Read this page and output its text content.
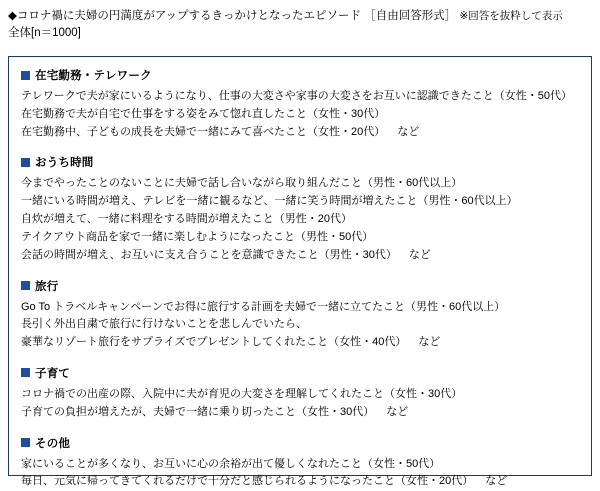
◆コロナ禍に夫婦の円満度がアップするきっかけとなったエピソード ［自由回答形式］ ※回答を抜粋して表示
全体[n＝1000]
在宅勤務・テレワーク
テレワークで夫が家にいるようになり、仕事の大変さや家事の大変さをお互いに認識できたこと（女性・50代）
在宅勤務で夫が自宅で仕事をする姿をみて惚れ直したこと（女性・30代）
在宅勤務中、子どもの成長を夫婦で一緒にみて喜べたこと（女性・20代） など
おうち時間
今までやったことのないことに夫婦で話し合いながら取り組んだこと（男性・60代以上）
一緒にいる時間が増え、テレビを一緒に観るなど、一緒に笑う時間が増えたこと（男性・60代以上）
自炊が増えて、一緒に料理をする時間が増えたこと（男性・20代）
テイクアウト商品を家で一緒に楽しむようになったこと（男性・50代）
会話の時間が増え、お互いに支え合うことを意識できたこと（男性・30代） など
旅行
Go To トラベルキャンペーンでお得に旅行する計画を夫婦で一緒に立てたこと（男性・60代以上）
長引く外出自粛で旅行に行けないことを悲しんでいたら、
豪華なリゾート旅行をサプライズでプレゼントしてくれたこと（女性・40代） など
子育て
コロナ禍での出産の際、入院中に夫が育児の大変さを理解してくれたこと（女性・30代）
子育ての負担が増えたが、夫婦で一緒に乗り切ったこと（女性・30代） など
その他
家にいることが多くなり、お互いに心の余裕が出て優しくなれたこと（女性・50代）
毎日、元気に帰ってきてくれるだけで十分だと感じられるようになったこと（女性・20代） など
